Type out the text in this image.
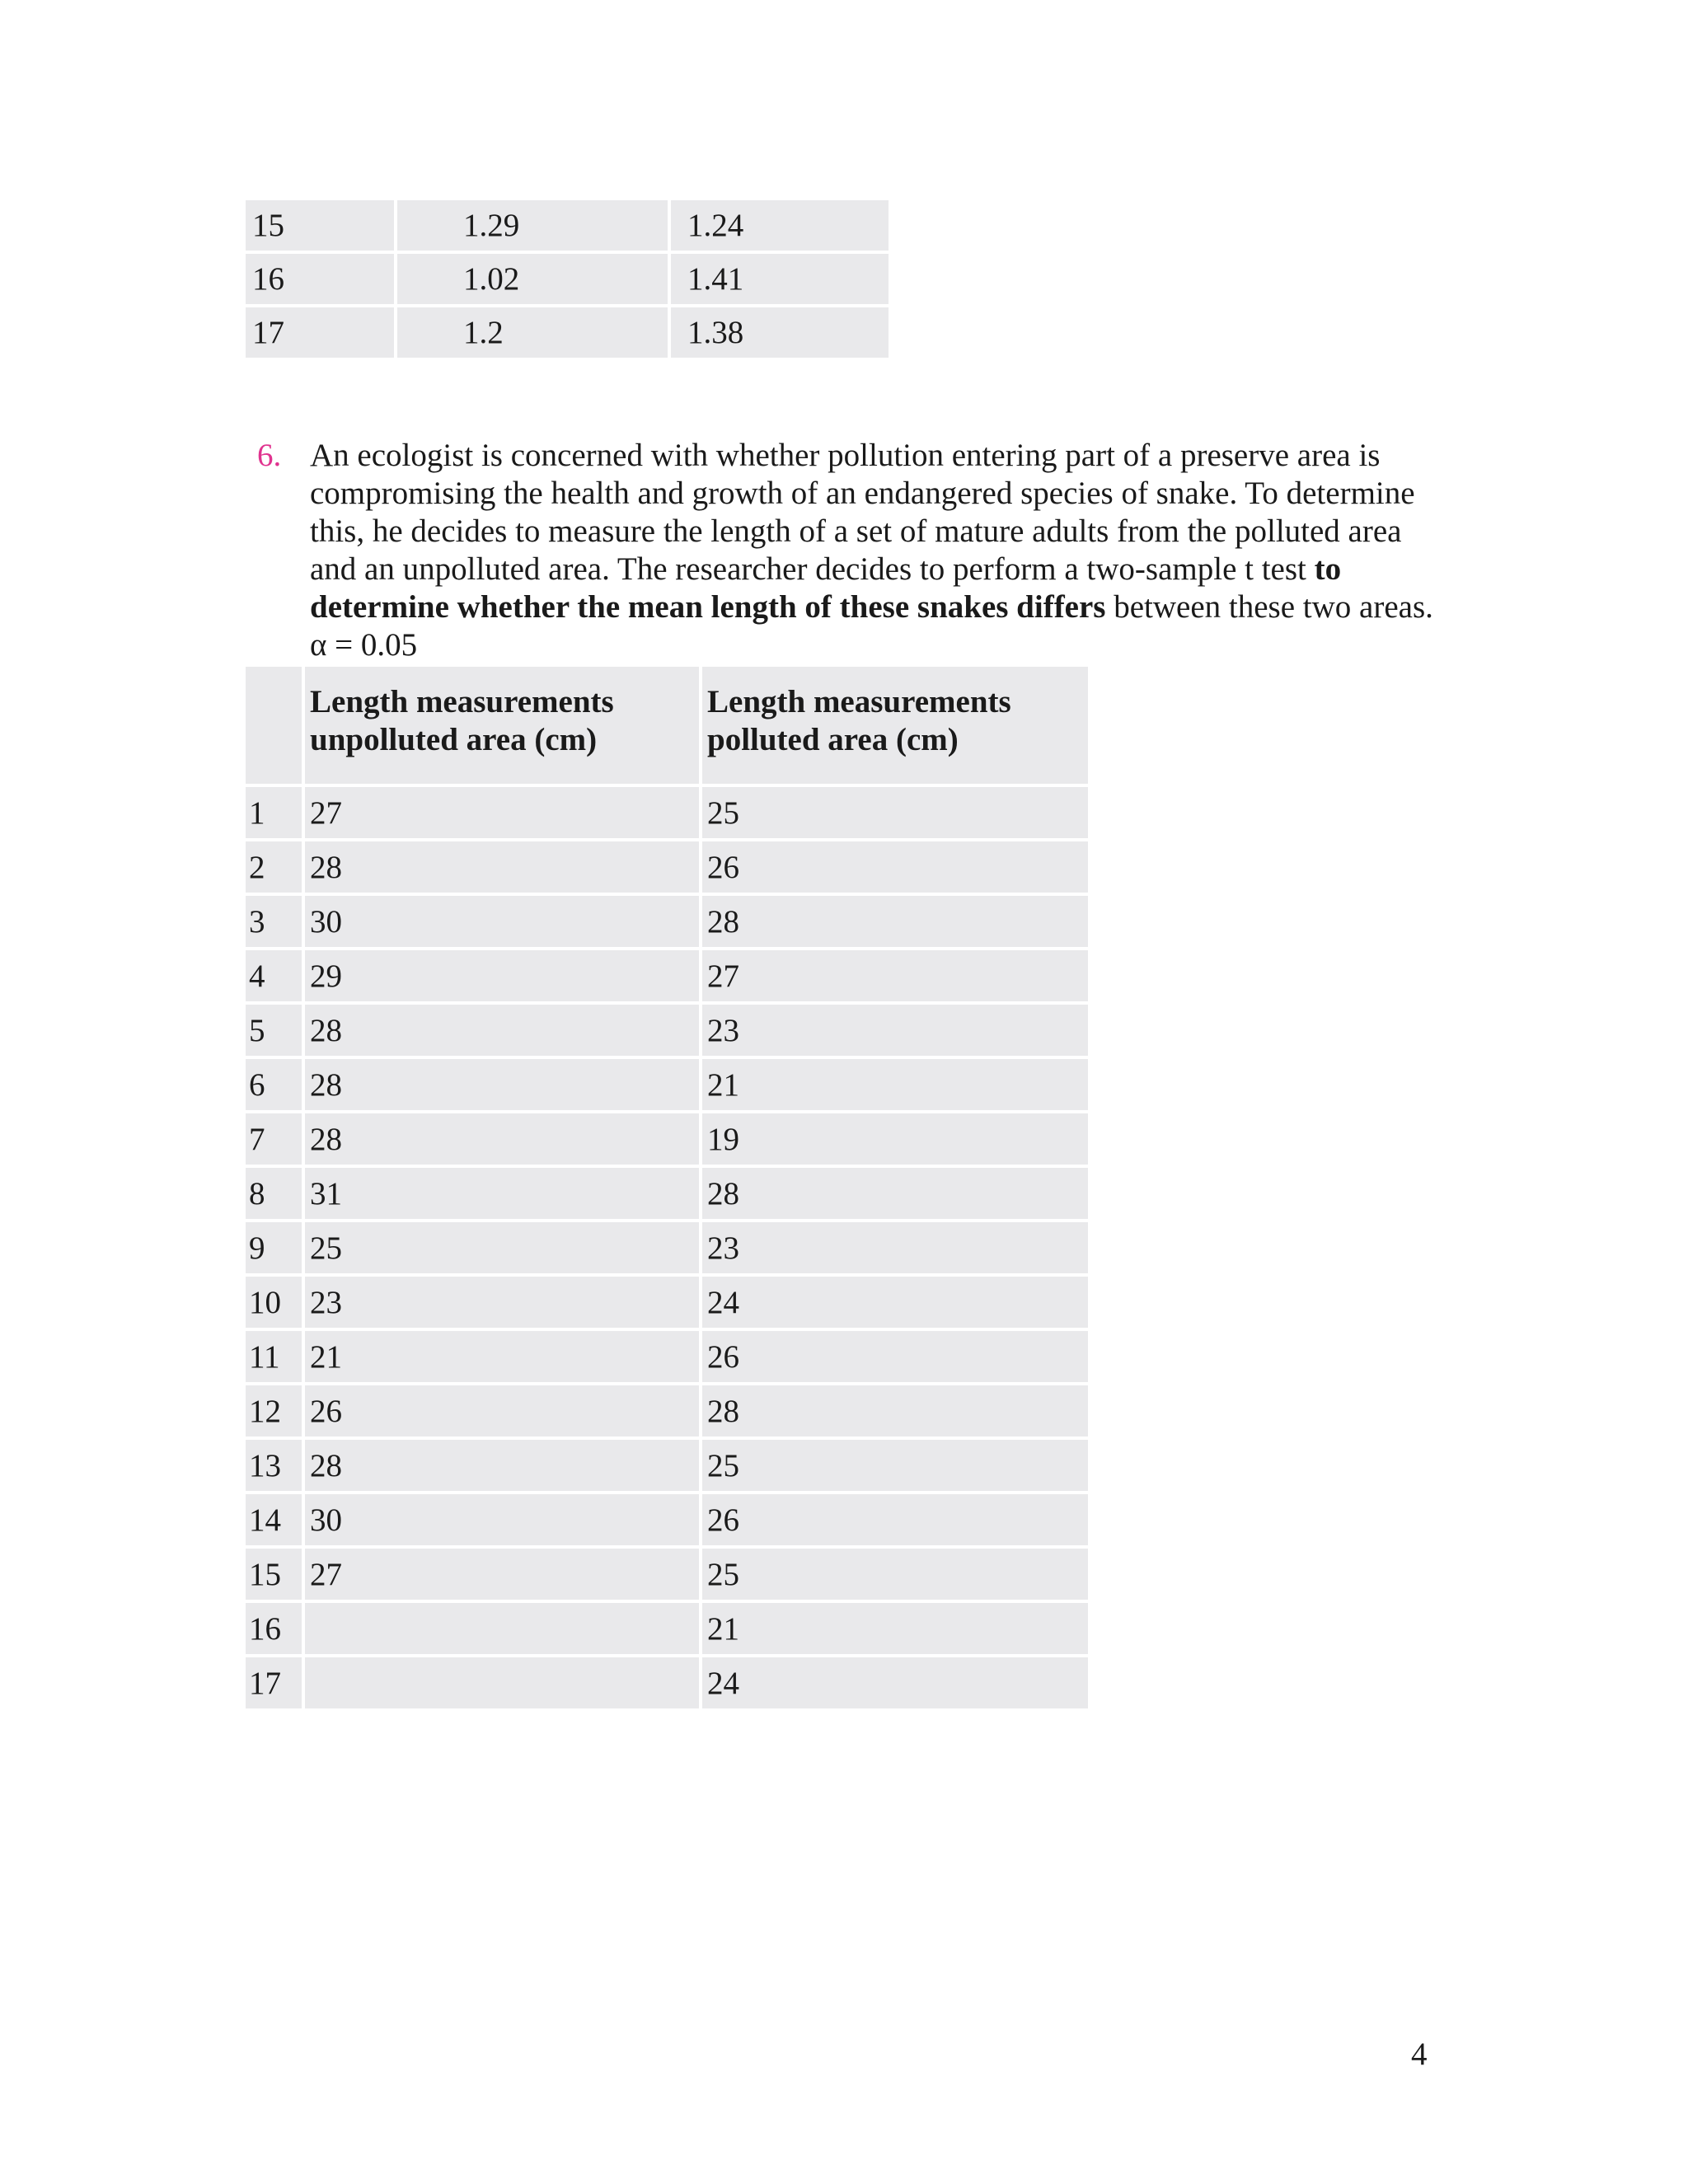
15	1.29	1.24
16	1.02	1.41
17	1.2	1.38
6. An ecologist is concerned with whether pollution entering part of a preserve area is compromising the health and growth of an endangered species of snake. To determine this, he decides to measure the length of a set of mature adults from the polluted area and an unpolluted area. The researcher decides to perform a two-sample t test to determine whether the mean length of these snakes differs between these two areas. α = 0.05
	Length measurements unpolluted area (cm)	Length measurements polluted area (cm)
1	27	25
2	28	26
3	30	28
4	29	27
5	28	23
6	28	21
7	28	19
8	31	28
9	25	23
10	23	24
11	21	26
12	26	28
13	28	25
14	30	26
15	27	25
16		21
17		24
4
